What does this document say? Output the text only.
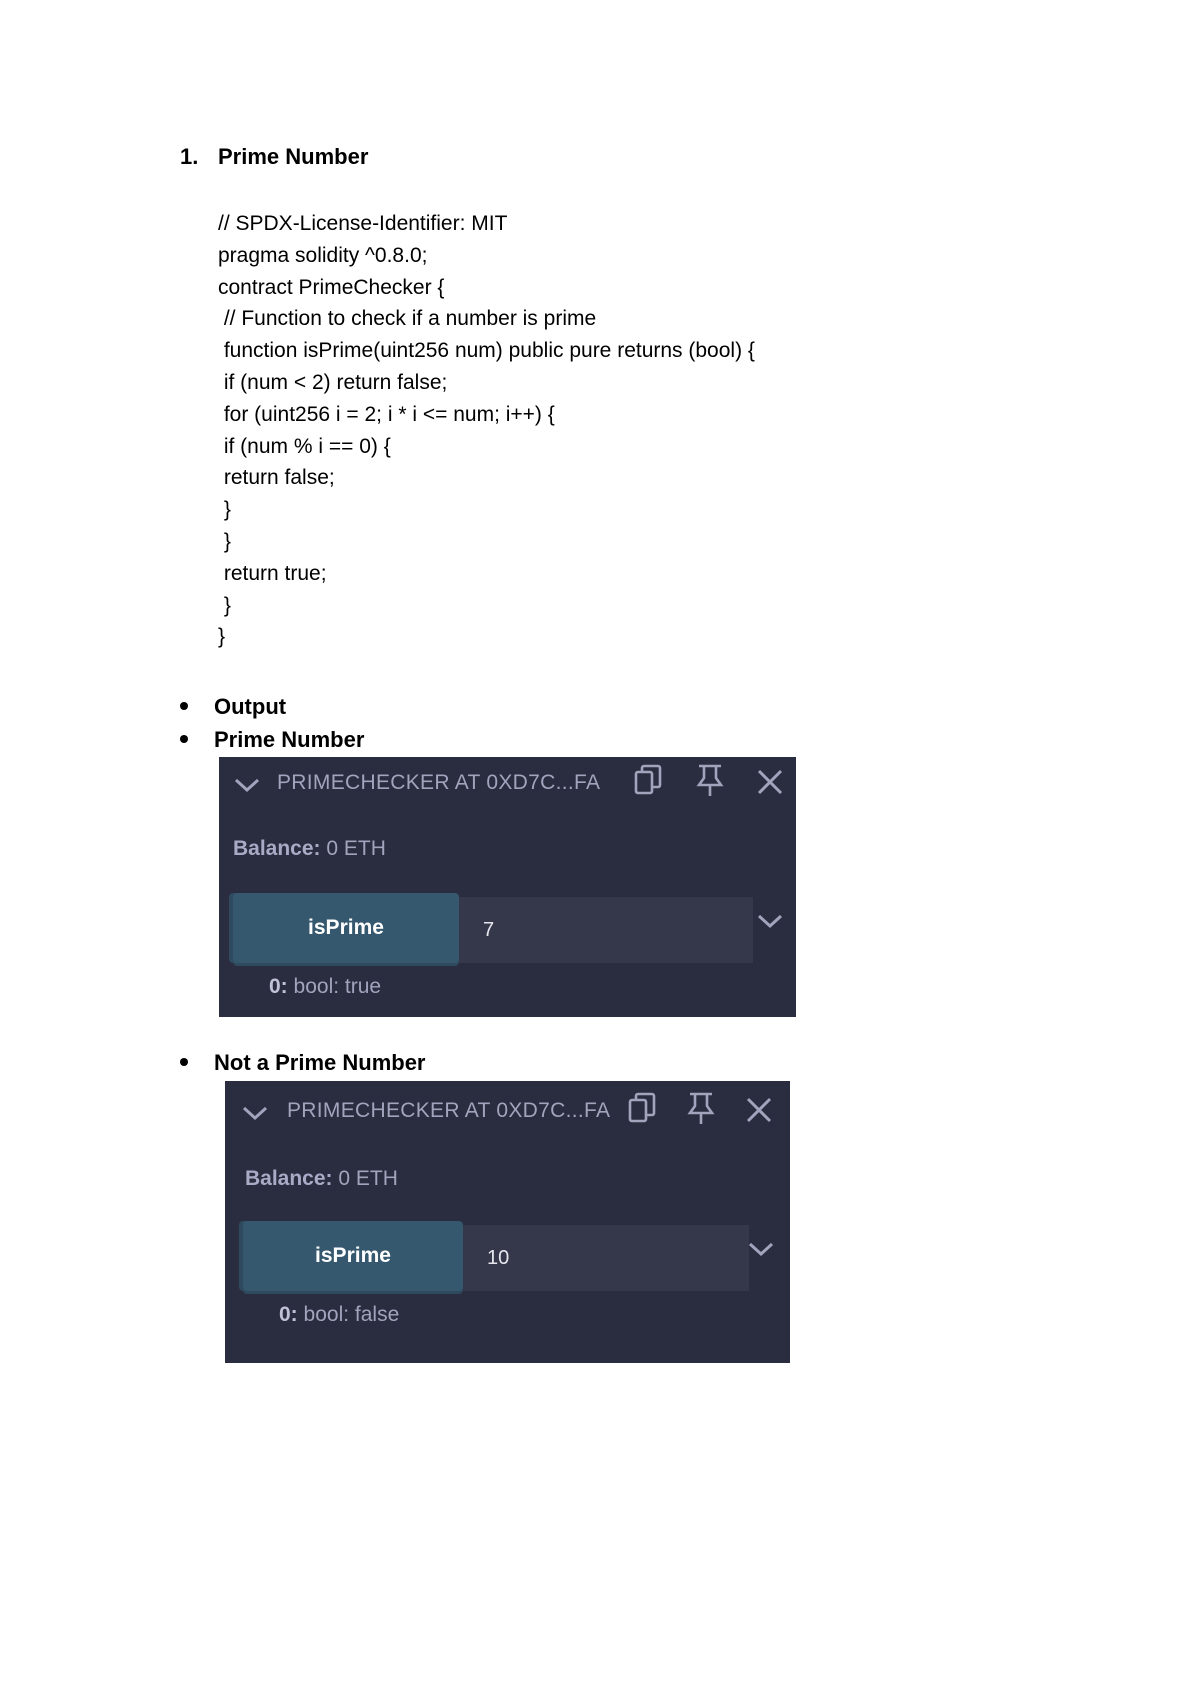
1. Prime Number
// SPDX-License-Identifier: MIT
pragma solidity ^0.8.0;
contract PrimeChecker {
// Function to check if a number is prime
function isPrime(uint256 num) public pure returns (bool) {
if (num < 2) return false;
for (uint256 i = 2; i * i <= num; i++) {
if (num % i == 0) {
return false;
}
}
return true;
}
}
Output
Prime Number
PRIMECHECKER AT 0XD7C...FA
Balance: 0 ETH
isPrime
7
0: bool: true
Not a Prime Number
PRIMECHECKER AT 0XD7C...FA
Balance: 0 ETH
isPrime
10
0: bool: false
